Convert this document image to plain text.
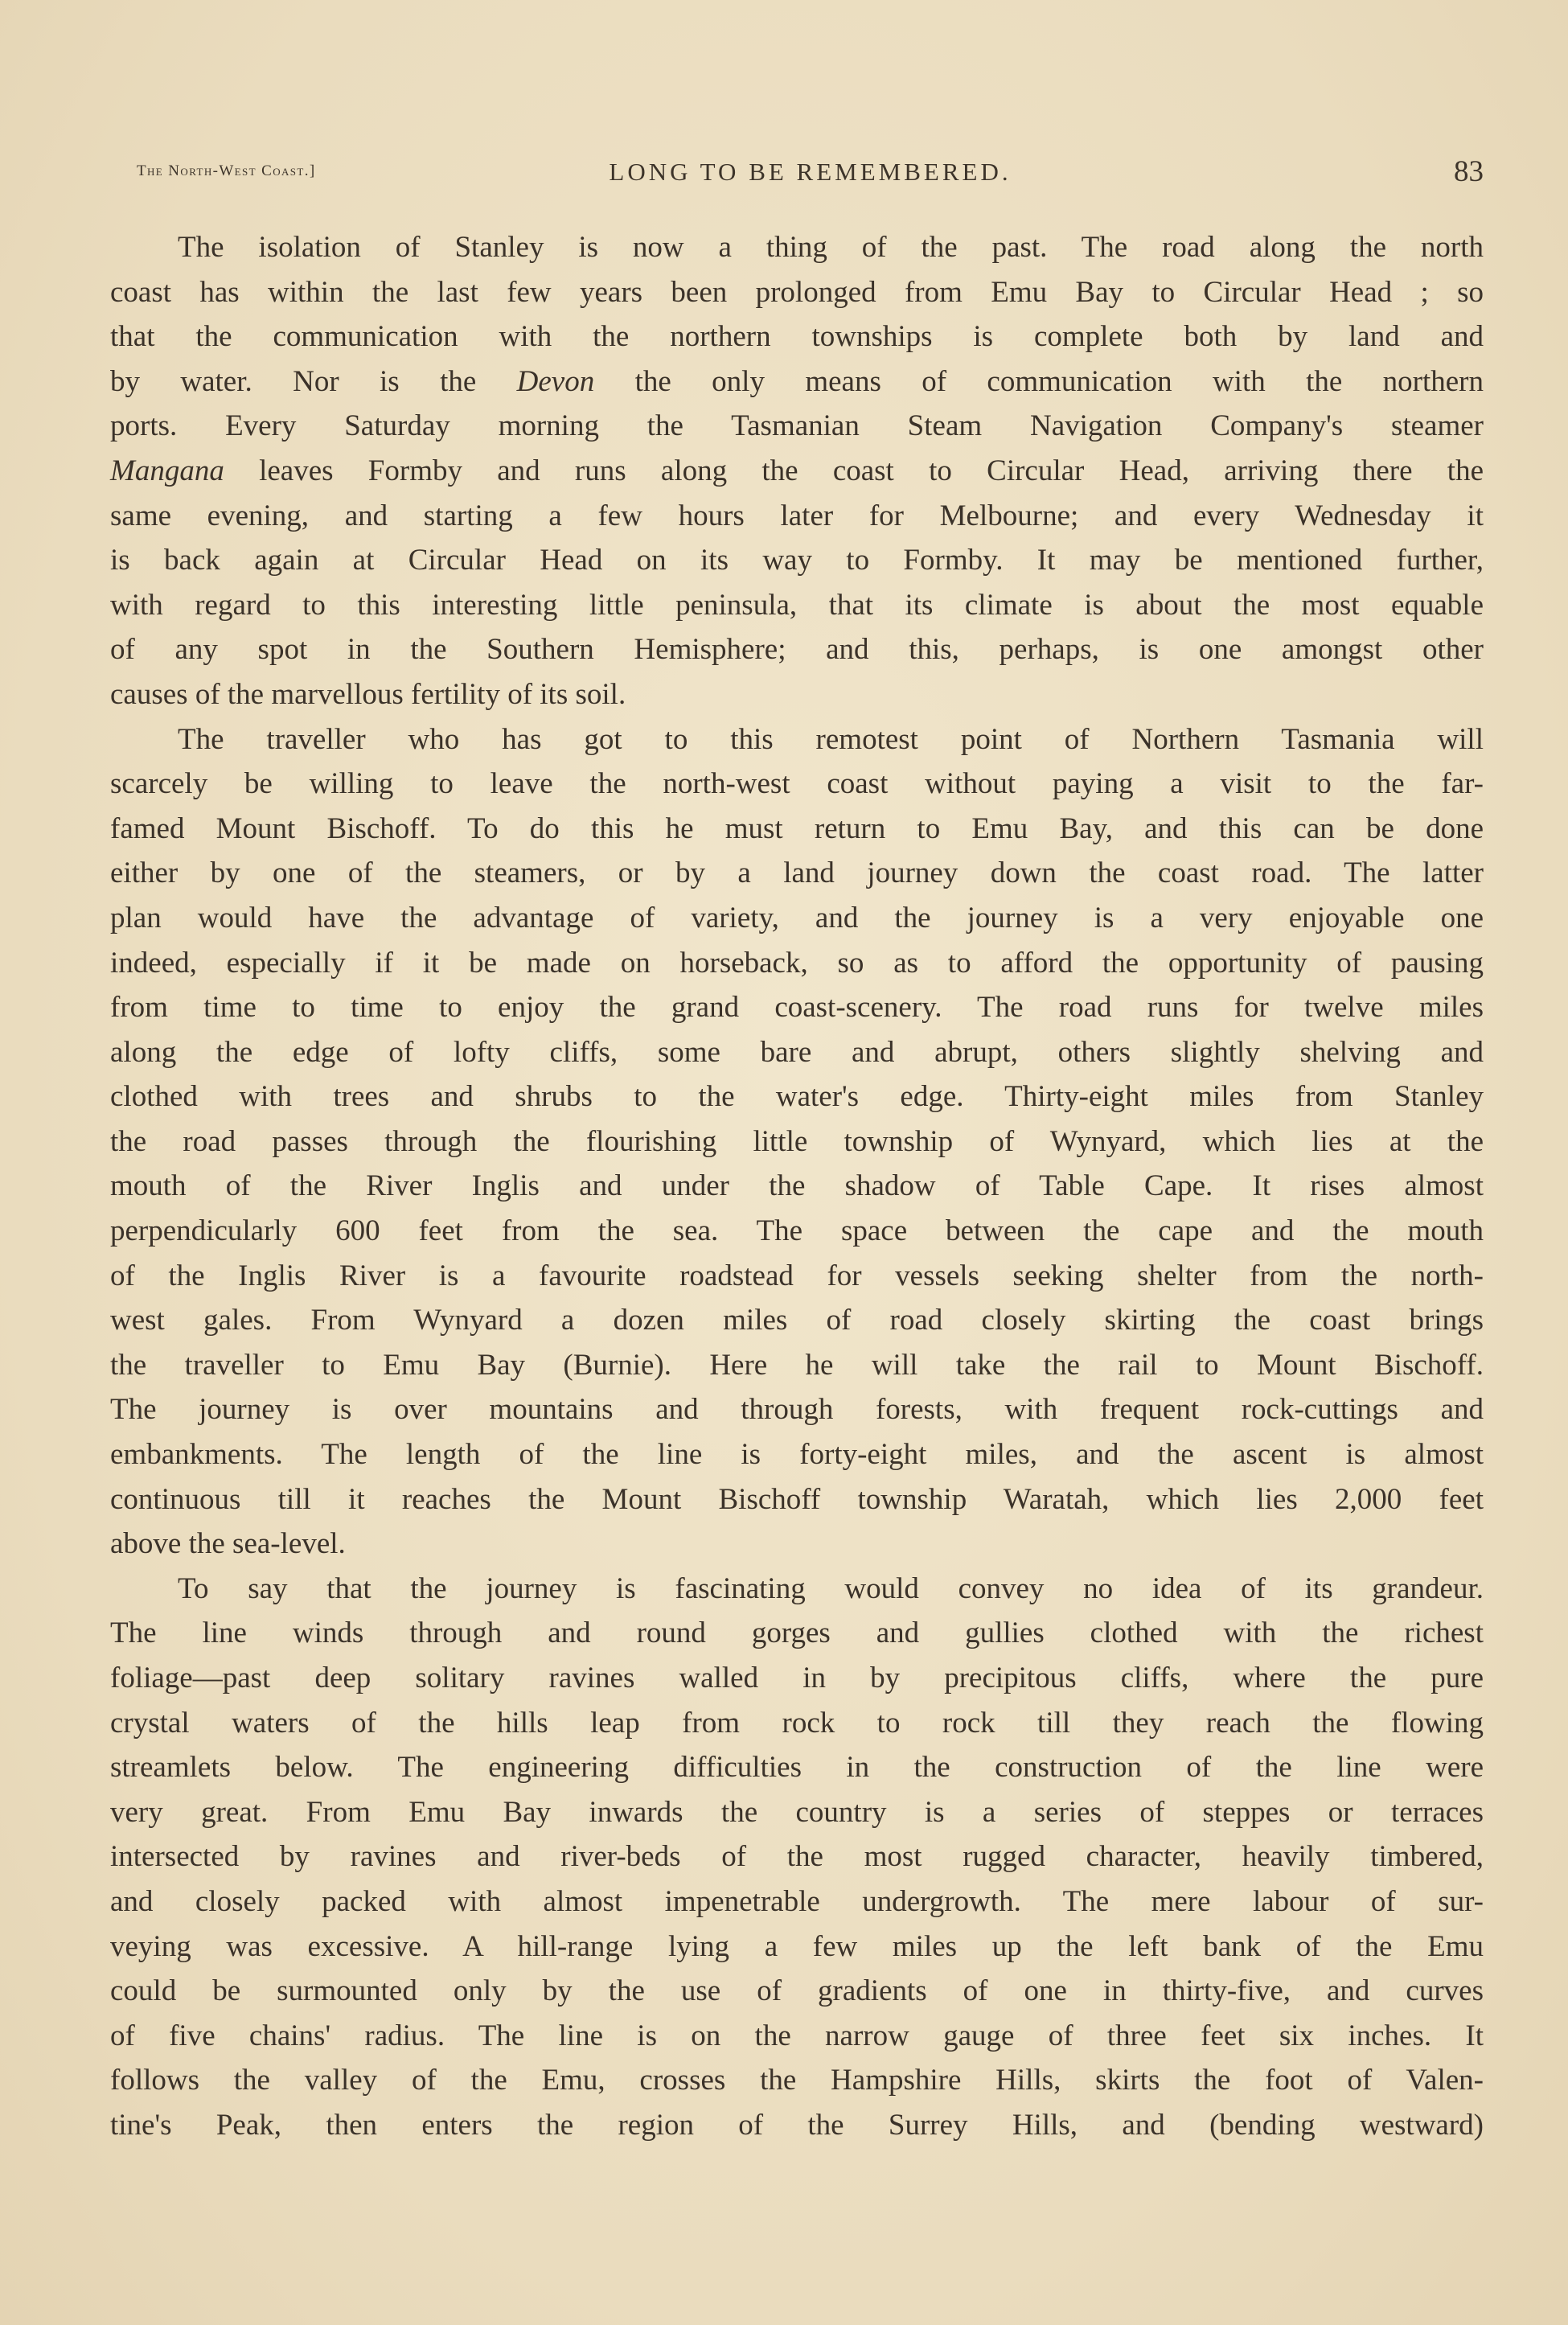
The North-West Coast.]	LONG TO BE REMEMBERED.	83
The isolation of Stanley is now a thing of the past. The road along the north
coast has within the last few years been prolonged from Emu Bay to Circular Head ; so
that the communication with the northern townships is complete both by land and
by water. Nor is the Devon the only means of communication with the northern
ports. Every Saturday morning the Tasmanian Steam Navigation Company's steamer
Mangana leaves Formby and runs along the coast to Circular Head, arriving there the
same evening, and starting a few hours later for Melbourne; and every Wednesday it
is back again at Circular Head on its way to Formby. It may be mentioned further,
with regard to this interesting little peninsula, that its climate is about the most equable
of any spot in the Southern Hemisphere; and this, perhaps, is one amongst other
causes of the marvellous fertility of its soil.
The traveller who has got to this remotest point of Northern Tasmania will
scarcely be willing to leave the north-west coast without paying a visit to the far-
famed Mount Bischoff. To do this he must return to Emu Bay, and this can be done
either by one of the steamers, or by a land journey down the coast road. The latter
plan would have the advantage of variety, and the journey is a very enjoyable one
indeed, especially if it be made on horseback, so as to afford the opportunity of pausing
from time to time to enjoy the grand coast-scenery. The road runs for twelve miles
along the edge of lofty cliffs, some bare and abrupt, others slightly shelving and
clothed with trees and shrubs to the water's edge. Thirty-eight miles from Stanley
the road passes through the flourishing little township of Wynyard, which lies at the
mouth of the River Inglis and under the shadow of Table Cape. It rises almost
perpendicularly 600 feet from the sea. The space between the cape and the mouth
of the Inglis River is a favourite roadstead for vessels seeking shelter from the north-
west gales. From Wynyard a dozen miles of road closely skirting the coast brings
the traveller to Emu Bay (Burnie). Here he will take the rail to Mount Bischoff.
The journey is over mountains and through forests, with frequent rock-cuttings and
embankments. The length of the line is forty-eight miles, and the ascent is almost
continuous till it reaches the Mount Bischoff township Waratah, which lies 2,000 feet
above the sea-level.
To say that the journey is fascinating would convey no idea of its grandeur.
The line winds through and round gorges and gullies clothed with the richest
foliage—past deep solitary ravines walled in by precipitous cliffs, where the pure
crystal waters of the hills leap from rock to rock till they reach the flowing
streamlets below. The engineering difficulties in the construction of the line were
very great. From Emu Bay inwards the country is a series of steppes or terraces
intersected by ravines and river-beds of the most rugged character, heavily timbered,
and closely packed with almost impenetrable undergrowth. The mere labour of sur-
veying was excessive. A hill-range lying a few miles up the left bank of the Emu
could be surmounted only by the use of gradients of one in thirty-five, and curves
of five chains' radius. The line is on the narrow gauge of three feet six inches. It
follows the valley of the Emu, crosses the Hampshire Hills, skirts the foot of Valen-
tine's Peak, then enters the region of the Surrey Hills, and (bending westward)
